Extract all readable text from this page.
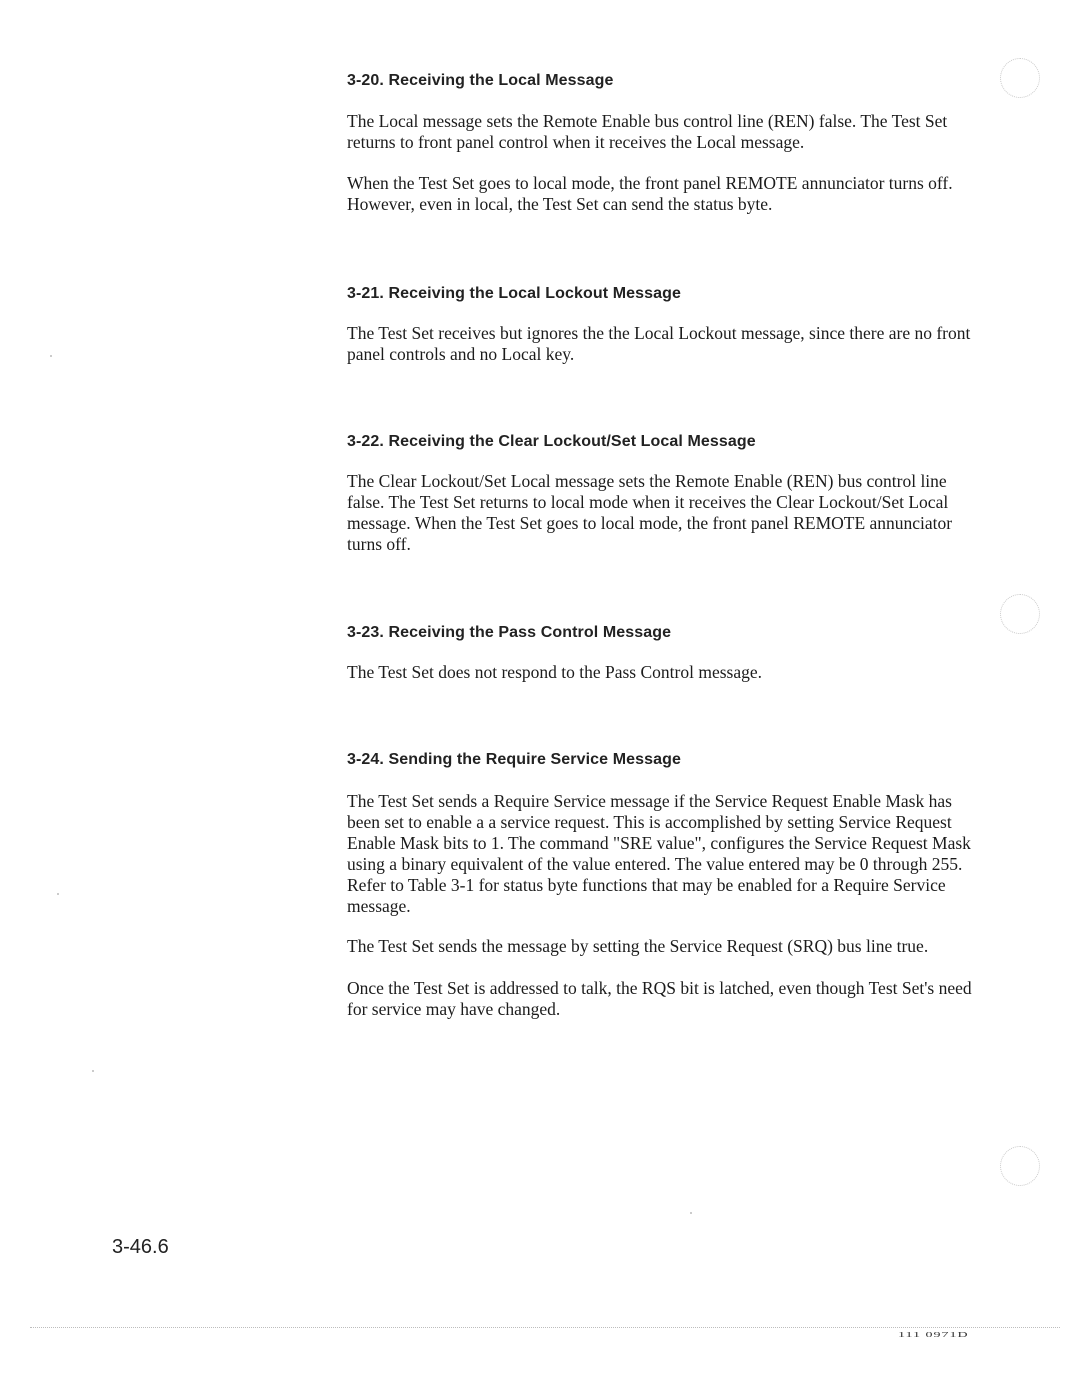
3-20. Receiving the Local Message

The Local message sets the Remote Enable bus control line (REN) false. The Test Set returns to front panel control when it receives the Local message.

When the Test Set goes to local mode, the front panel REMOTE annunciator turns off. However, even in local, the Test Set can send the status byte.

3-21. Receiving the Local Lockout Message

The Test Set receives but ignores the the Local Lockout message, since there are no front panel controls and no Local key.

3-22. Receiving the Clear Lockout/Set Local Message

The Clear Lockout/Set Local message sets the Remote Enable (REN) bus control line false. The Test Set returns to local mode when it receives the Clear Lockout/Set Local message. When the Test Set goes to local mode, the front panel REMOTE annunciator turns off.

3-23. Receiving the Pass Control Message

The Test Set does not respond to the Pass Control message.

3-24. Sending the Require Service Message

The Test Set sends a Require Service message if the Service Request Enable Mask has been set to enable a a service request. This is accomplished by setting Service Request Enable Mask bits to 1. The command "SRE value", configures the Service Request Mask using a binary equivalent of the value entered. The value entered may be 0 through 255. Refer to Table 3-1 for status byte functions that may be enabled for a Require Service message.

The Test Set sends the message by setting the Service Request (SRQ) bus line true.

Once the Test Set is addressed to talk, the RQS bit is latched, even though Test Set's need for service may have changed.

3-46.6
111 0971D
